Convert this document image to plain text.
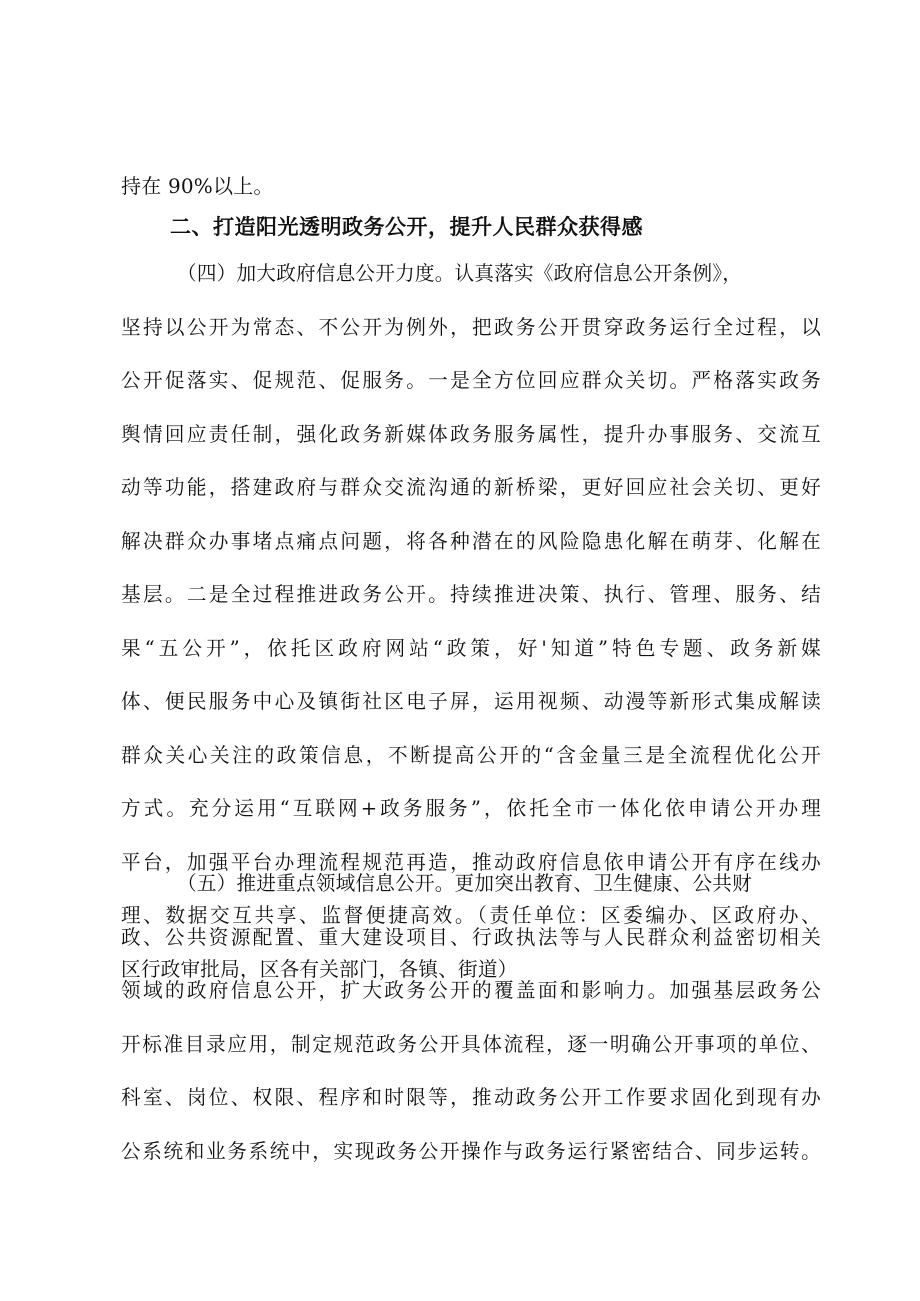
持在 90%以上。
二、打造阳光透明政务公开，提升人民群众获得感
（四）加大政府信息公开力度。认真落实《政府信息公开条例》，
坚持以公开为常态、不公开为例外，把政务公开贯穿政务运行全过程，以
公开促落实、促规范、促服务。一是全方位回应群众关切。严格落实政务
舆情回应责任制，强化政务新媒体政务服务属性，提升办事服务、交流互
动等功能，搭建政府与群众交流沟通的新桥梁，更好回应社会关切、更好
解决群众办事堵点痛点问题，将各种潜在的风险隐患化解在萌芽、化解在
基层。二是全过程推进政务公开。持续推进决策、执行、管理、服务、结
果“五公开”，依托区政府网站“政策，好'知道”特色专题、政务新媒
体、便民服务中心及镇街社区电子屏，运用视频、动漫等新形式集成解读
群众关心关注的政策信息，不断提高公开的“含金量三是全流程优化公开
方式。充分运用“互联网+政务服务”，依托全市一体化依申请公开办理
平台，加强平台办理流程规范再造，推动政府信息依申请公开有序在线办
理、数据交互共享、监督便捷高效。（责任单位：区委编办、区政府办、
区行政审批局，区各有关部门，各镇、街道）
（五）推进重点领域信息公开。更加突出教育、卫生健康、公共财
政、公共资源配置、重大建设项目、行政执法等与人民群众利益密切相关
领域的政府信息公开，扩大政务公开的覆盖面和影响力。加强基层政务公
开标准目录应用，制定规范政务公开具体流程，逐一明确公开事项的单位、
科室、岗位、权限、程序和时限等，推动政务公开工作要求固化到现有办
公系统和业务系统中，实现政务公开操作与政务运行紧密结合、同步运转。
